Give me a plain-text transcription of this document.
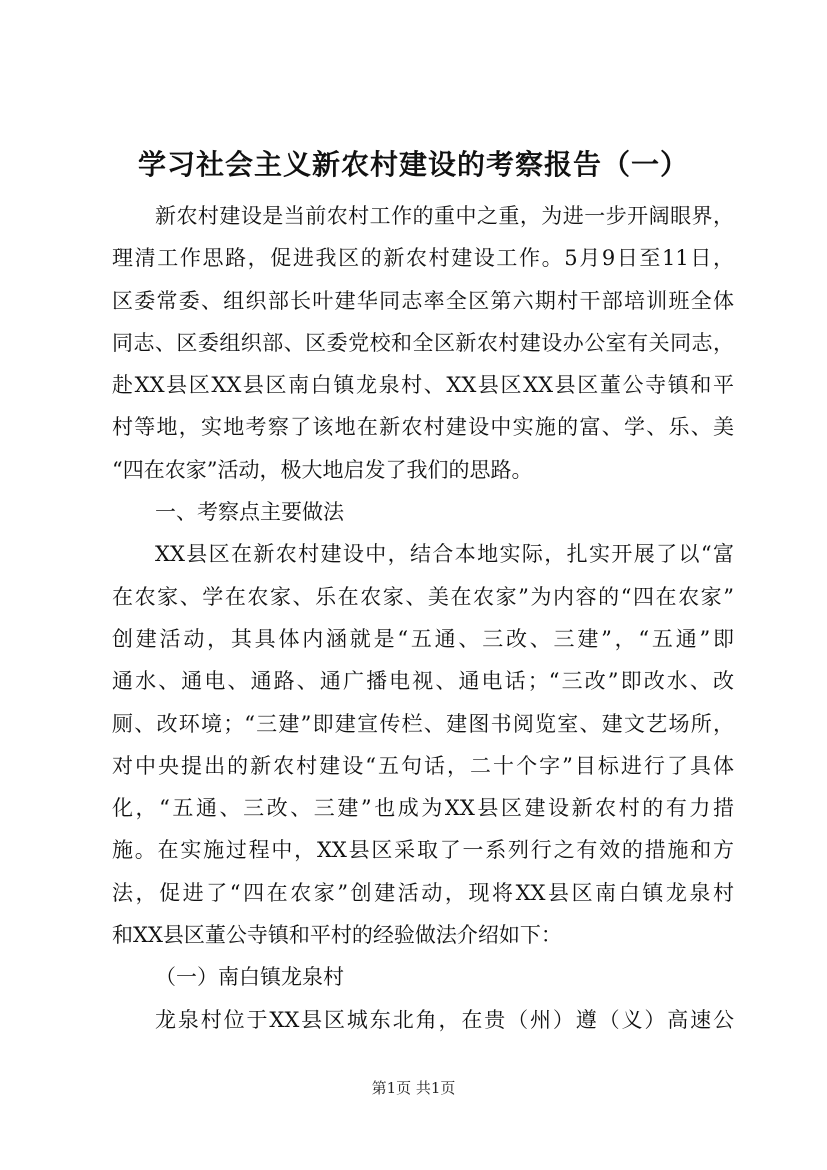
学习社会主义新农村建设的考察报告（一）
新农村建设是当前农村工作的重中之重，为进一步开阔眼界，
理清工作思路，促进我区的新农村建设工作。5月9日至11日，
区委常委、组织部长叶建华同志率全区第六期村干部培训班全体
同志、区委组织部、区委党校和全区新农村建设办公室有关同志，
赴XX县区XX县区南白镇龙泉村、XX县区XX县区董公寺镇和平
村等地，实地考察了该地在新农村建设中实施的富、学、乐、美
“四在农家”活动，极大地启发了我们的思路。
一、考察点主要做法
XX县区在新农村建设中，结合本地实际，扎实开展了以“富
在农家、学在农家、乐在农家、美在农家”为内容的“四在农家”
创建活动，其具体内涵就是“五通、三改、三建”，“五通”即
通水、通电、通路、通广播电视、通电话；“三改”即改水、改
厕、改环境；“三建”即建宣传栏、建图书阅览室、建文艺场所，
对中央提出的新农村建设“五句话，二十个字”目标进行了具体
化，“五通、三改、三建”也成为XX县区建设新农村的有力措
施。在实施过程中，XX县区采取了一系列行之有效的措施和方
法，促进了“四在农家”创建活动，现将XX县区南白镇龙泉村
和XX县区董公寺镇和平村的经验做法介绍如下：
（一）南白镇龙泉村
龙泉村位于XX县区城东北角，在贵（州）遵（义）高速公
第1页 共1页
